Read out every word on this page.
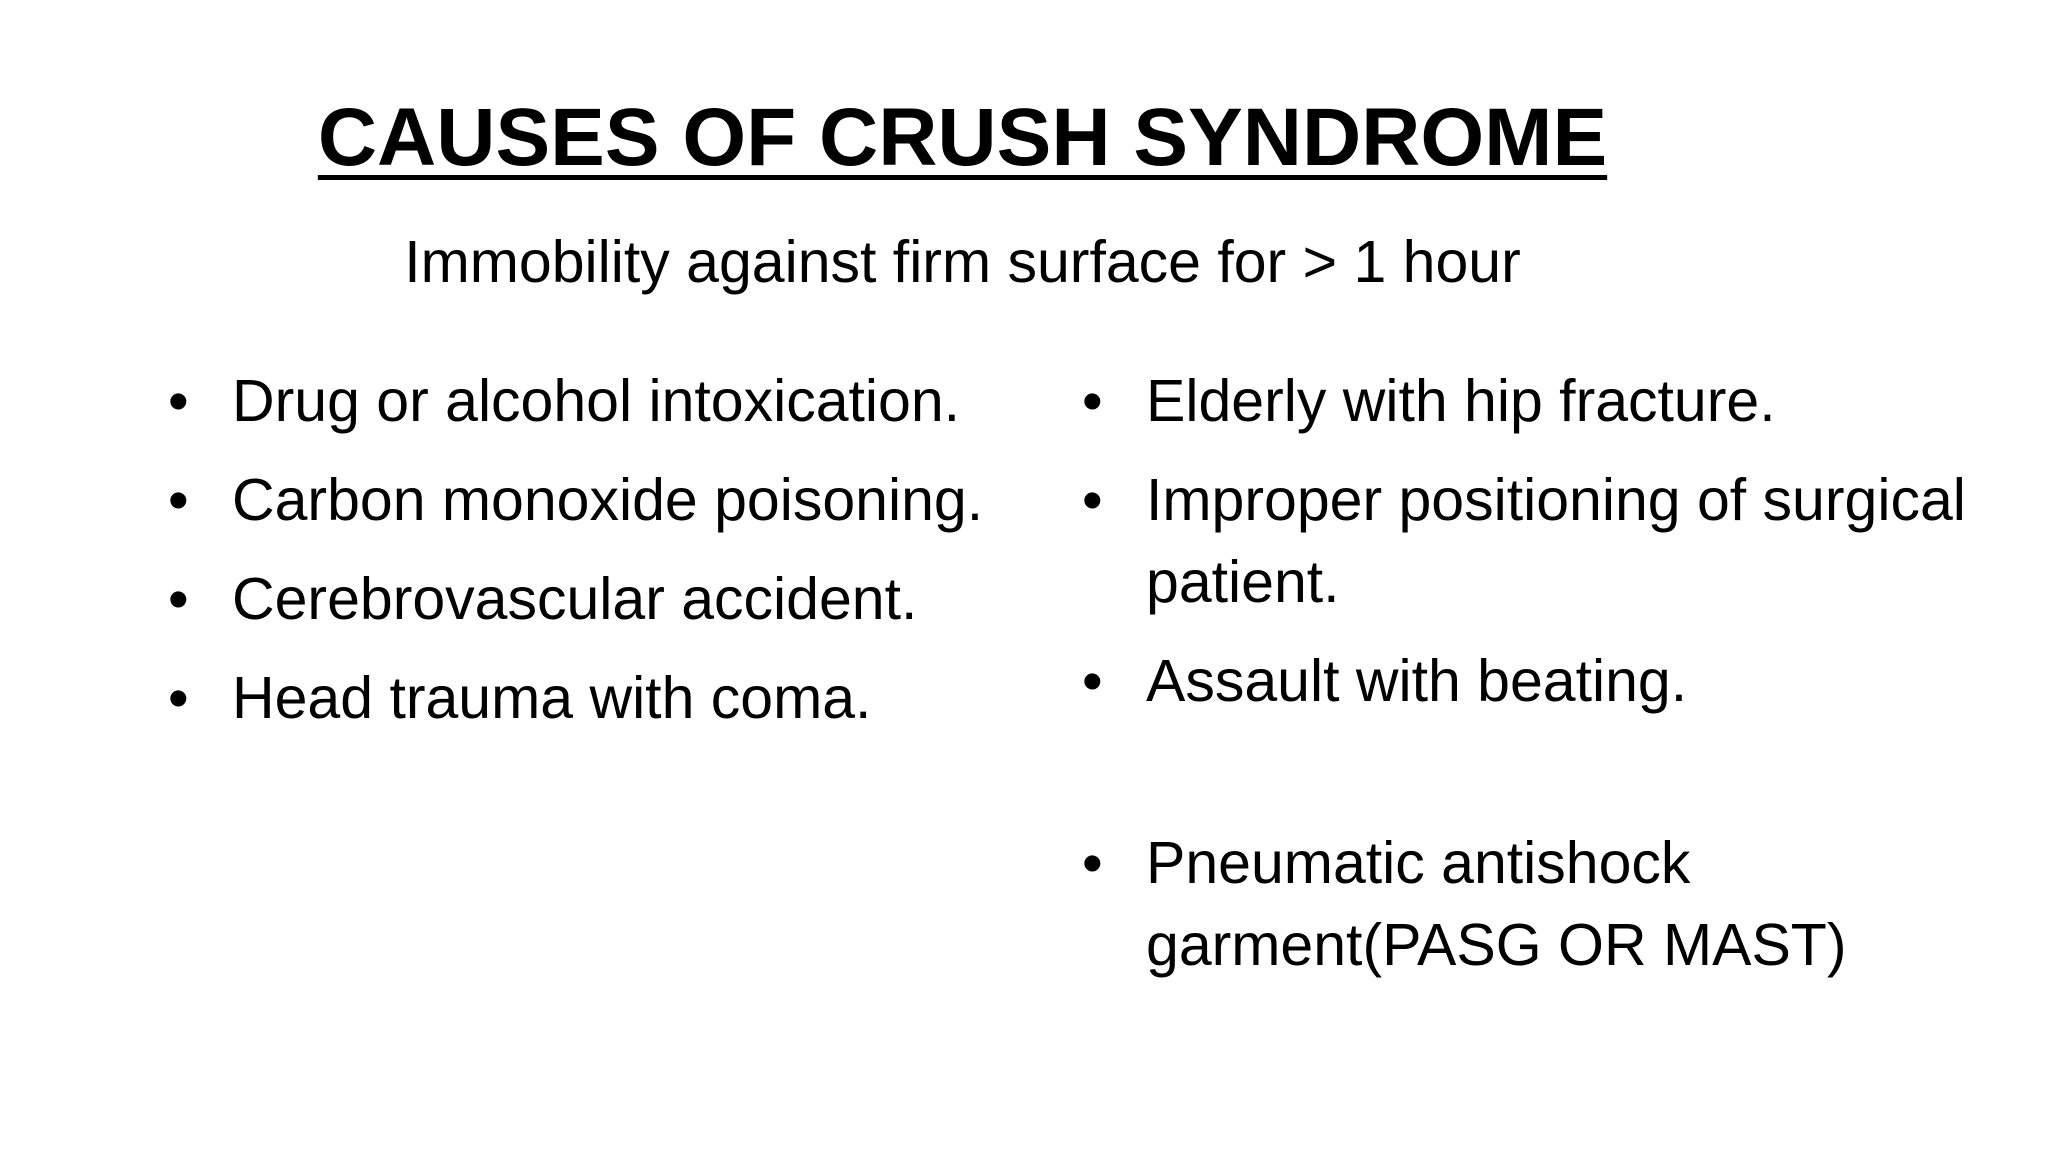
CAUSES OF CRUSH SYNDROME
Immobility against firm surface for > 1 hour
• Drug or alcohol intoxication.
• Carbon monoxide poisoning.
• Cerebrovascular accident.
• Head trauma with coma.
• Elderly with hip fracture.
• Improper positioning of surgical patient.
• Assault with beating.
• Pneumatic antishock garment(PASG OR MAST)
